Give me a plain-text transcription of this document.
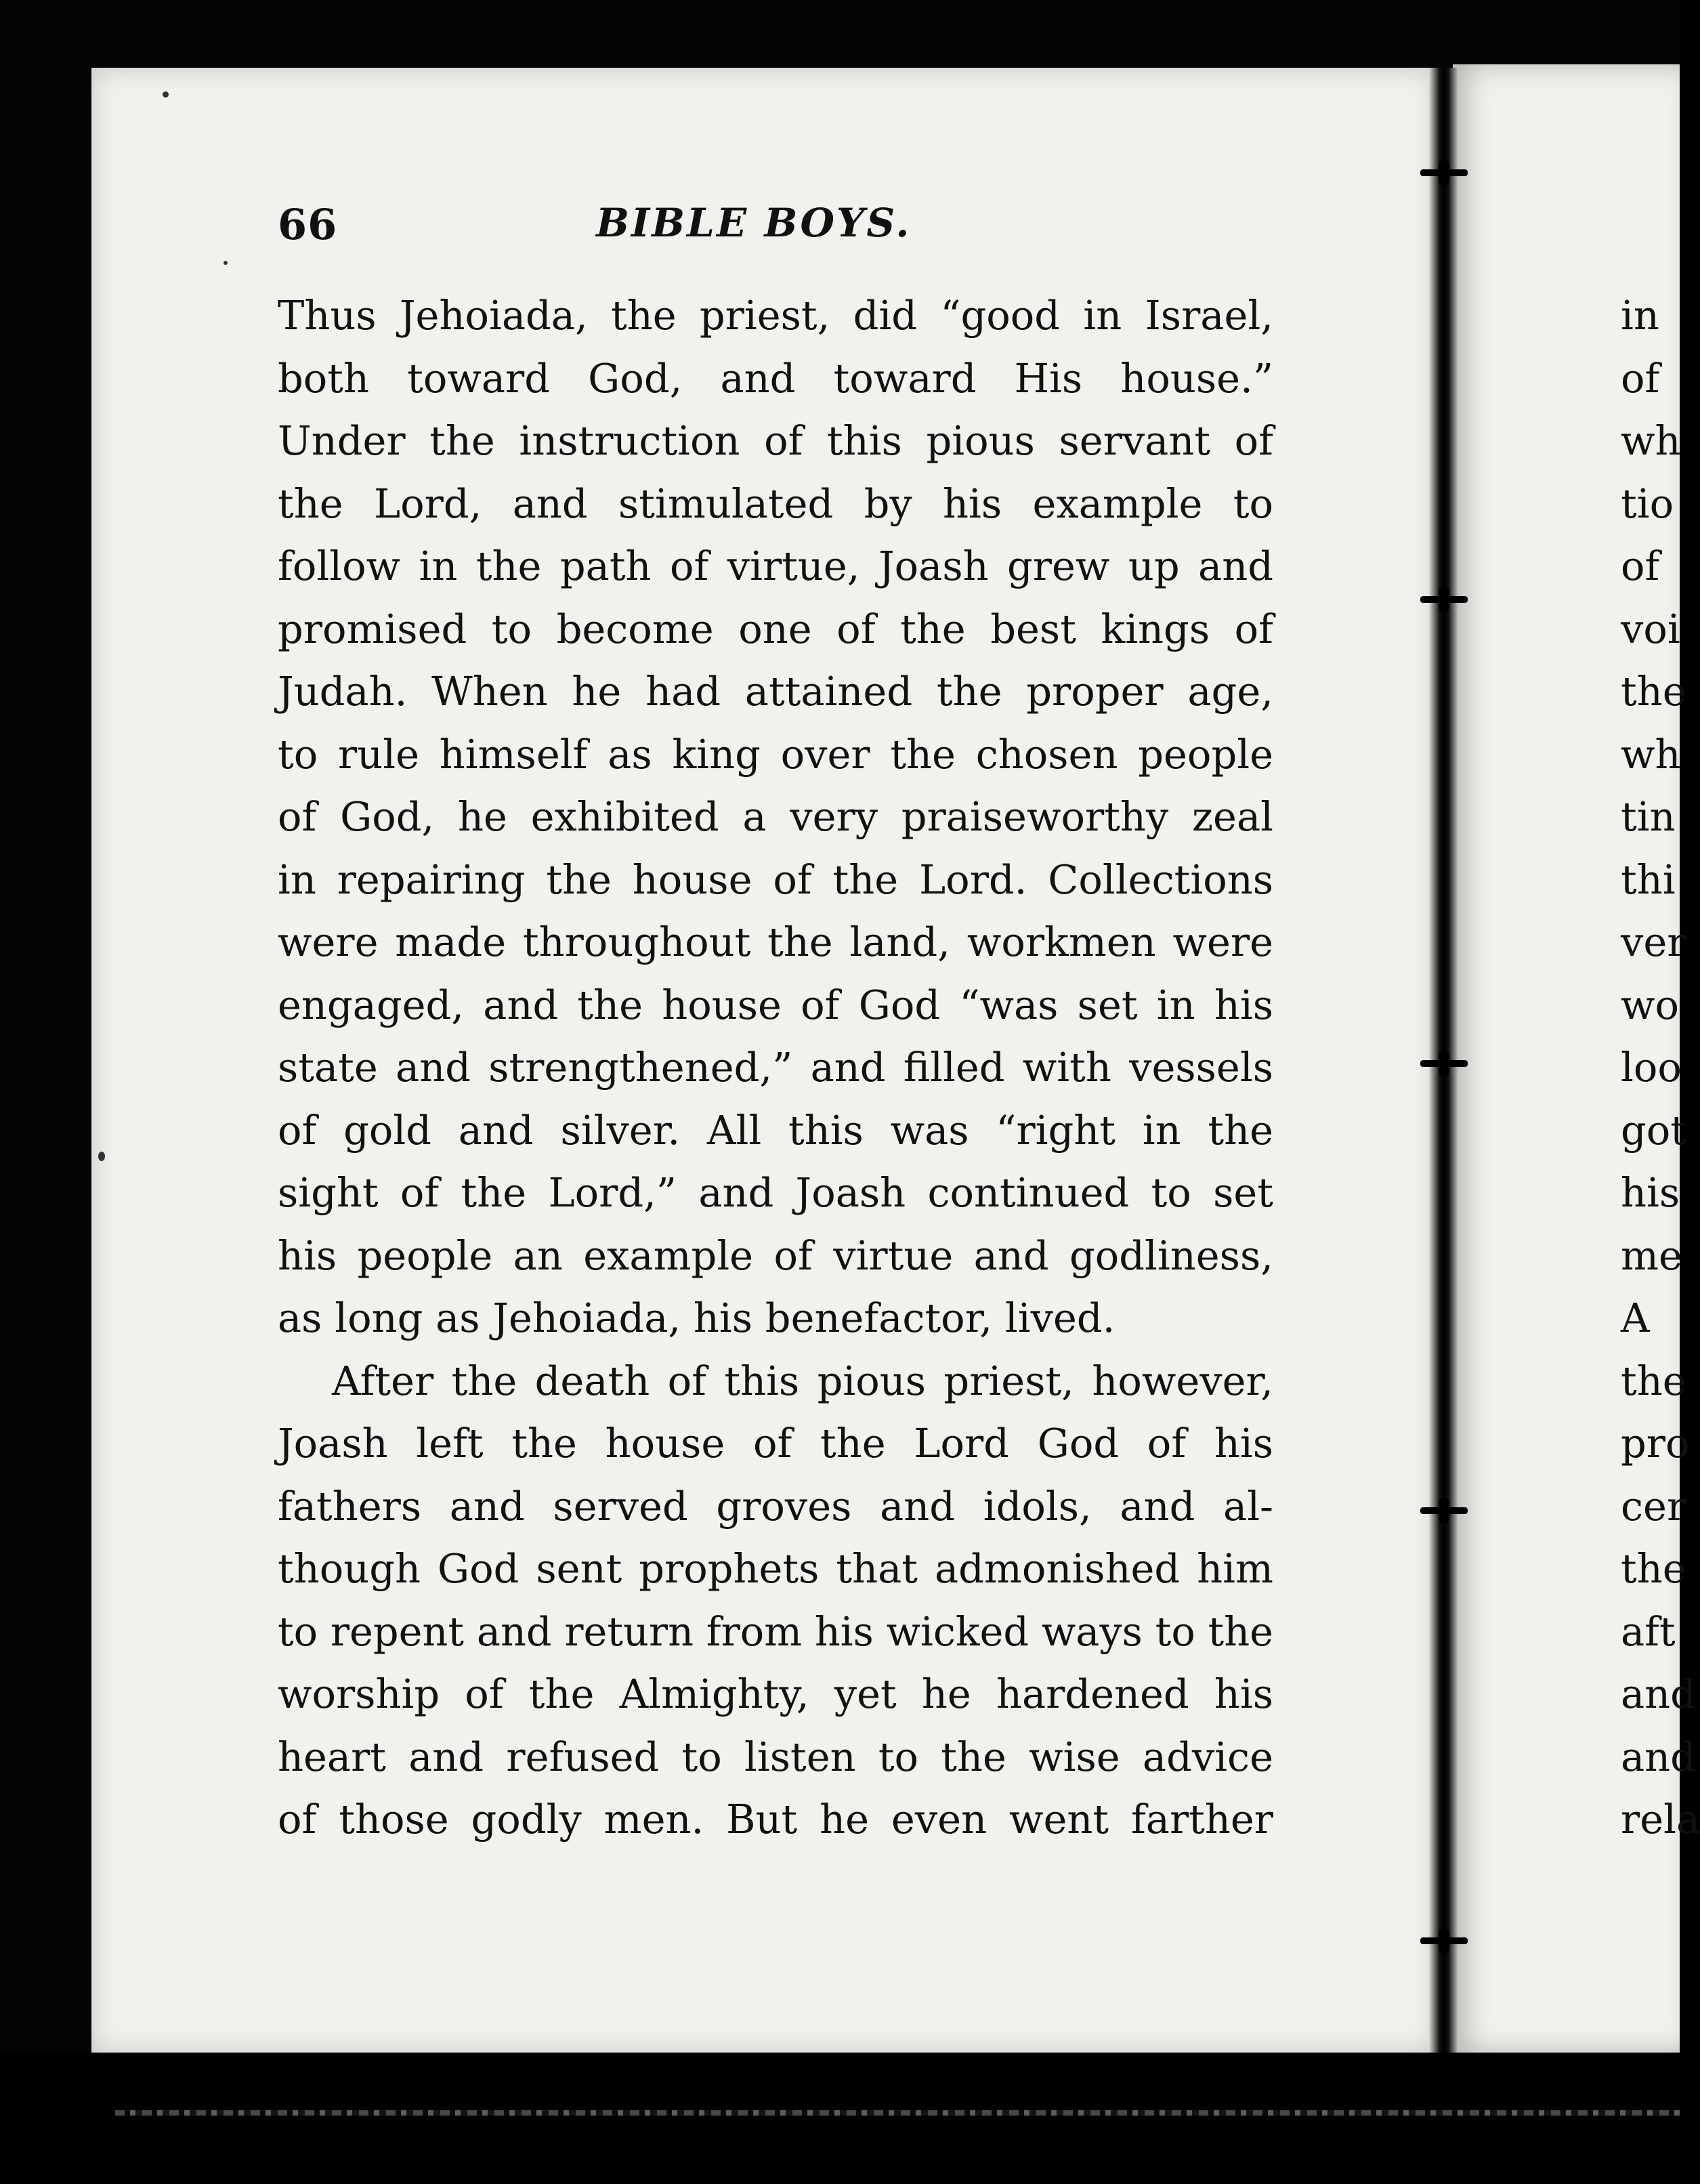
66	BIBLE BOYS.
Thus Jehoiada, the priest, did “good in Israel,
both toward God, and toward His house.”
Under the instruction of this pious servant of
the Lord, and stimulated by his example to
follow in the path of virtue, Joash grew up and
promised to become one of the best kings of
Judah. When he had attained the proper age,
to rule himself as king over the chosen people
of God, he exhibited a very praiseworthy zeal
in repairing the house of the Lord. Collections
were made throughout the land, workmen were
engaged, and the house of God “was set in his
state and strengthened,” and filled with vessels
of gold and silver. All this was “right in the
sight of the Lord,” and Joash continued to set
his people an example of virtue and godliness,
as long as Jehoiada, his benefactor, lived.
After the death of this pious priest, however,
Joash left the house of the Lord God of his
fathers and served groves and idols, and al-
though God sent prophets that admonished him
to repent and return from his wicked ways to the
worship of the Almighty, yet he hardened his
heart and refused to listen to the wise advice
of those godly men. But he even went farther
in
of
wh
tio
of
voi
the
wh
tin
thi
ver
wo
loo
got
his
me
A
the
pro
cer
the
aft
and
and
rela
